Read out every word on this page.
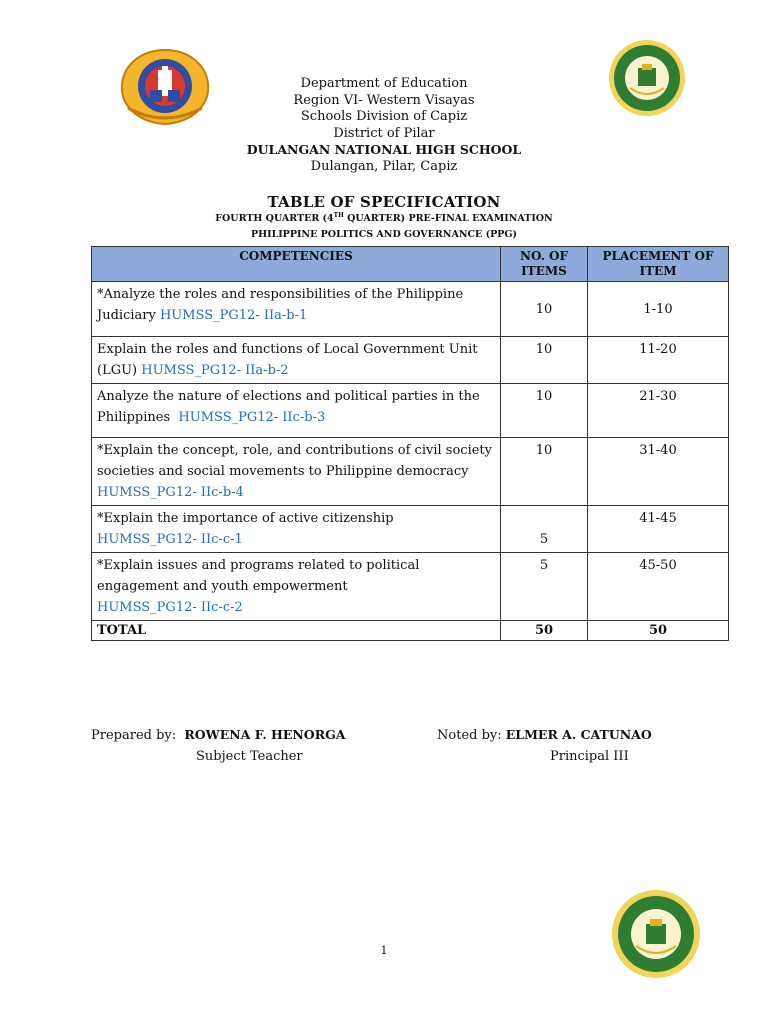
Department of Education
Region VI- Western Visayas
Schools Division of Capiz
District of Pilar
DULANGAN NATIONAL HIGH SCHOOL
Dulangan, Pilar, Capiz
TABLE OF SPECIFICATION
FOURTH QUARTER (4TH QUARTER) PRE-FINAL EXAMINATION
PHILIPPINE POLITICS AND GOVERNANCE (PPG)
COMPETENCIES	NO. OF ITEMS	PLACEMENT OF ITEM
*Analyze the roles and responsibilities of the Philippine Judiciary HUMSS_PG12- IIa-b-1	10	1-10
Explain the roles and functions of Local Government Unit (LGU) HUMSS_PG12- IIa-b-2	10	11-20
Analyze the nature of elections and political parties in the Philippines HUMSS_PG12- IIc-b-3	10	21-30
*Explain the concept, role, and contributions of civil society societies and social movements to Philippine democracy  HUMSS_PG12- IIc-b-4	10	31-40
*Explain the importance of active citizenship
HUMSS_PG12- IIc-c-1	5	41-45
*Explain issues and programs related to political engagement and youth empowerment
HUMSS_PG12- IIc-c-2	5	45-50
TOTAL	50	50
Prepared by: ROWENA F. HENORGA
Subject Teacher
Noted by: ELMER A. CATUNAO
Principal III
1
